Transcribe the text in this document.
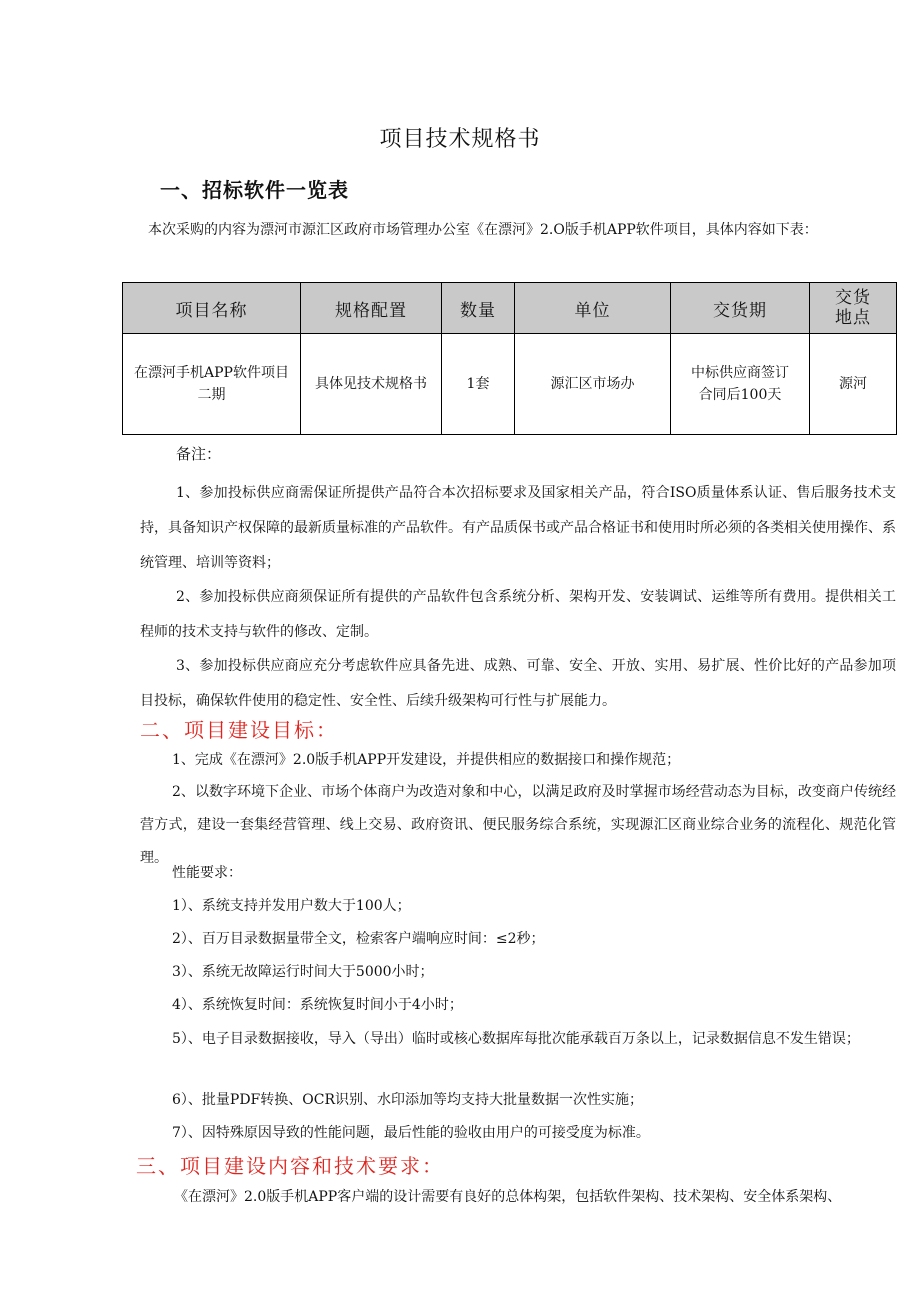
项目技术规格书
一、招标软件一览表
本次采购的内容为漂河市源汇区政府市场管理办公室《在漂河》2.O版手机APP软件项目，具体内容如下表：
项目名称	规格配置	数量	单位	交货期	交货地点
在漂河手机APP软件项目二期	具体见技术规格书	1套	源汇区市场办	中标供应商签订合同后100天	源河
备注：
1、参加投标供应商需保证所提供产品符合本次招标要求及国家相关产品，符合ISO质量体系认证、售后服务技术支持，具备知识产权保障的最新质量标准的产品软件。有产品质保书或产品合格证书和使用时所必须的各类相关使用操作、系统管理、培训等资料；
2、参加投标供应商须保证所有提供的产品软件包含系统分析、架构开发、安装调试、运维等所有费用。提供相关工程师的技术支持与软件的修改、定制。
3、参加投标供应商应充分考虑软件应具备先进、成熟、可靠、安全、开放、实用、易扩展、性价比好的产品参加项目投标，确保软件使用的稳定性、安全性、后续升级架构可行性与扩展能力。
二、项目建设目标：
1、完成《在漂河》2.0版手机APP开发建设，并提供相应的数据接口和操作规范；
2、以数字环境下企业、市场个体商户为改造对象和中心，以满足政府及时掌握市场经营动态为目标，改变商户传统经营方式，建设一套集经营管理、线上交易、政府资讯、便民服务综合系统，实现源汇区商业综合业务的流程化、规范化管理。
性能要求：
1）、系统支持并发用户数大于100人；
2）、百万目录数据量带全文，检索客户端响应时间：≤2秒；
3）、系统无故障运行时间大于5000小时；
4）、系统恢复时间：系统恢复时间小于4小时；
5）、电子目录数据接收，导入（导出）临时或核心数据库每批次能承载百万条以上，记录数据信息不发生错误；
6）、批量PDF转换、OCR识别、水印添加等均支持大批量数据一次性实施；
7）、因特殊原因导致的性能问题，最后性能的验收由用户的可接受度为标准。
三、项目建设内容和技术要求：
《在漂河》2.0版手机APP客户端的设计需要有良好的总体构架，包括软件架构、技术架构、安全体系架构、
